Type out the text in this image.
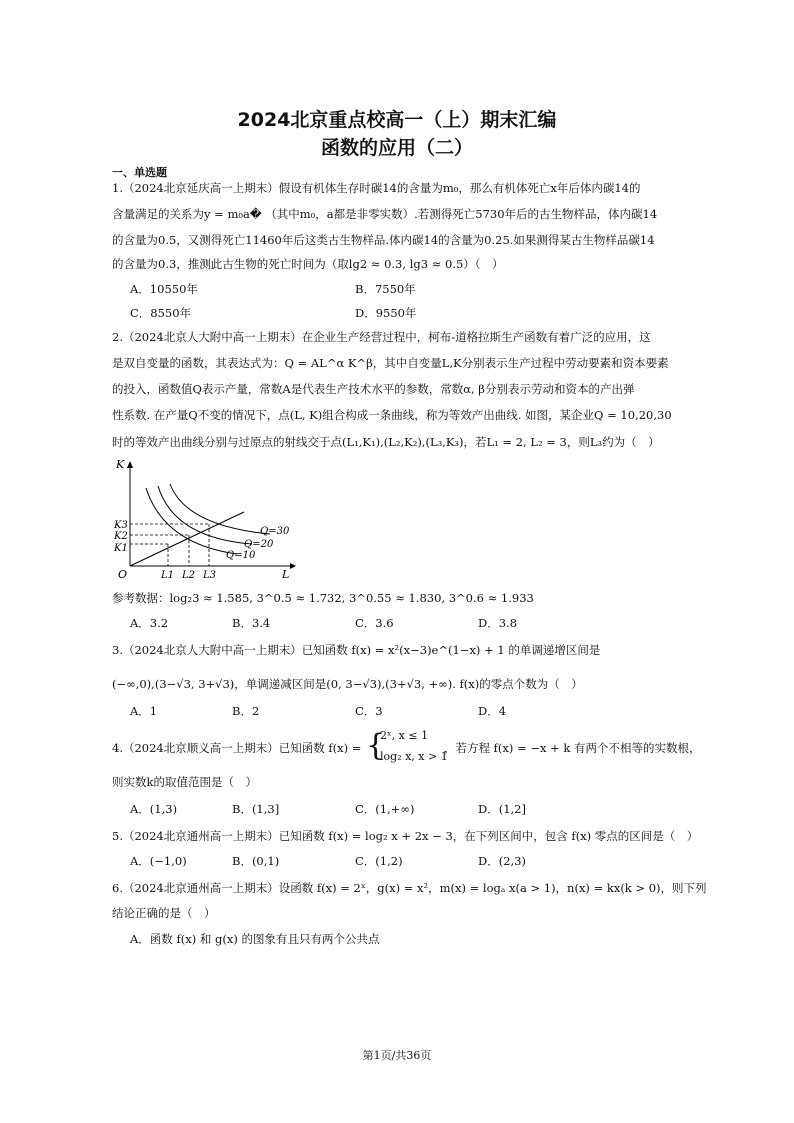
2024北京重点校高一（上）期末汇编
函数的应用（二）
一、单选题
1.（2024北京延庆高一上期末）假设有机体生存时碳14的含量为m₀，那么有机体死亡x年后体内碳14的
含量满足的关系为y = m₀a� （其中m₀，a都是非零实数）.若测得死亡5730年后的古生物样品，体内碳14
的含量为0.5，又测得死亡11460年后这类古生物样品.体内碳14的含量为0.25.如果测得某古生物样品碳14
的含量为0.3，推测此古生物的死亡时间为（取lg2 ≈ 0.3, lg3 ≈ 0.5）（　）
A．10550年	B．7550年
C．8550年	D．9550年
2.（2024北京人大附中高一上期末）在企业生产经营过程中，柯布-道格拉斯生产函数有着广泛的应用，这
是双自变量的函数，其表达式为：Q = AL^α K^β，其中自变量L,K分别表示生产过程中劳动要素和资本要素
的投入，函数值Q表示产量，常数A是代表生产技术水平的参数，常数α, β分别表示劳动和资本的产出弹
性系数. 在产量Q不变的情况下，点(L, K)组合构成一条曲线，称为等效产出曲线. 如图，某企业Q = 10,20,30
时的等效产出曲线分别与过原点的射线交于点(L₁,K₁),(L₂,K₂),(L₃,K₃)，若L₁ = 2, L₂ = 3，则L₃约为（　）
K
L
O
K3
K2
K1
L1 L2 L3
Q=30
Q=20
Q=10
参考数据：log₂3 ≈ 1.585, 3^0.5 ≈ 1.732, 3^0.55 ≈ 1.830, 3^0.6 ≈ 1.933
A．3.2	B．3.4	C．3.6	D．3.8
3.（2024北京人大附中高一上期末）已知函数 f(x) = x²(x−3)e^(1−x) + 1 的单调递增区间是
(−∞,0),(3−√3, 3+√3)，单调递减区间是(0, 3−√3),(3+√3, +∞). f(x)的零点个数为（　）
A．1	B．2	C．3	D．4
4.（2024北京顺义高一上期末）已知函数 f(x) = {
2ˣ, x ≤ 1
log₂ x, x > 1
，若方程 f(x) = −x + k 有两个不相等的实数根，
则实数k的取值范围是（　）
A．(1,3)	B．(1,3]	C．(1,+∞)	D．(1,2]
5.（2024北京通州高一上期末）已知函数 f(x) = log₂ x + 2x − 3，在下列区间中，包含 f(x) 零点的区间是（　）
A．(−1,0)	B．(0,1)	C．(1,2)	D．(2,3)
6.（2024北京通州高一上期末）设函数 f(x) = 2ˣ，g(x) = x²，m(x) = logₐ x(a > 1)，n(x) = kx(k > 0)，则下列
结论正确的是（　）
A．函数 f(x) 和 g(x) 的图象有且只有两个公共点
第1页/共36页
